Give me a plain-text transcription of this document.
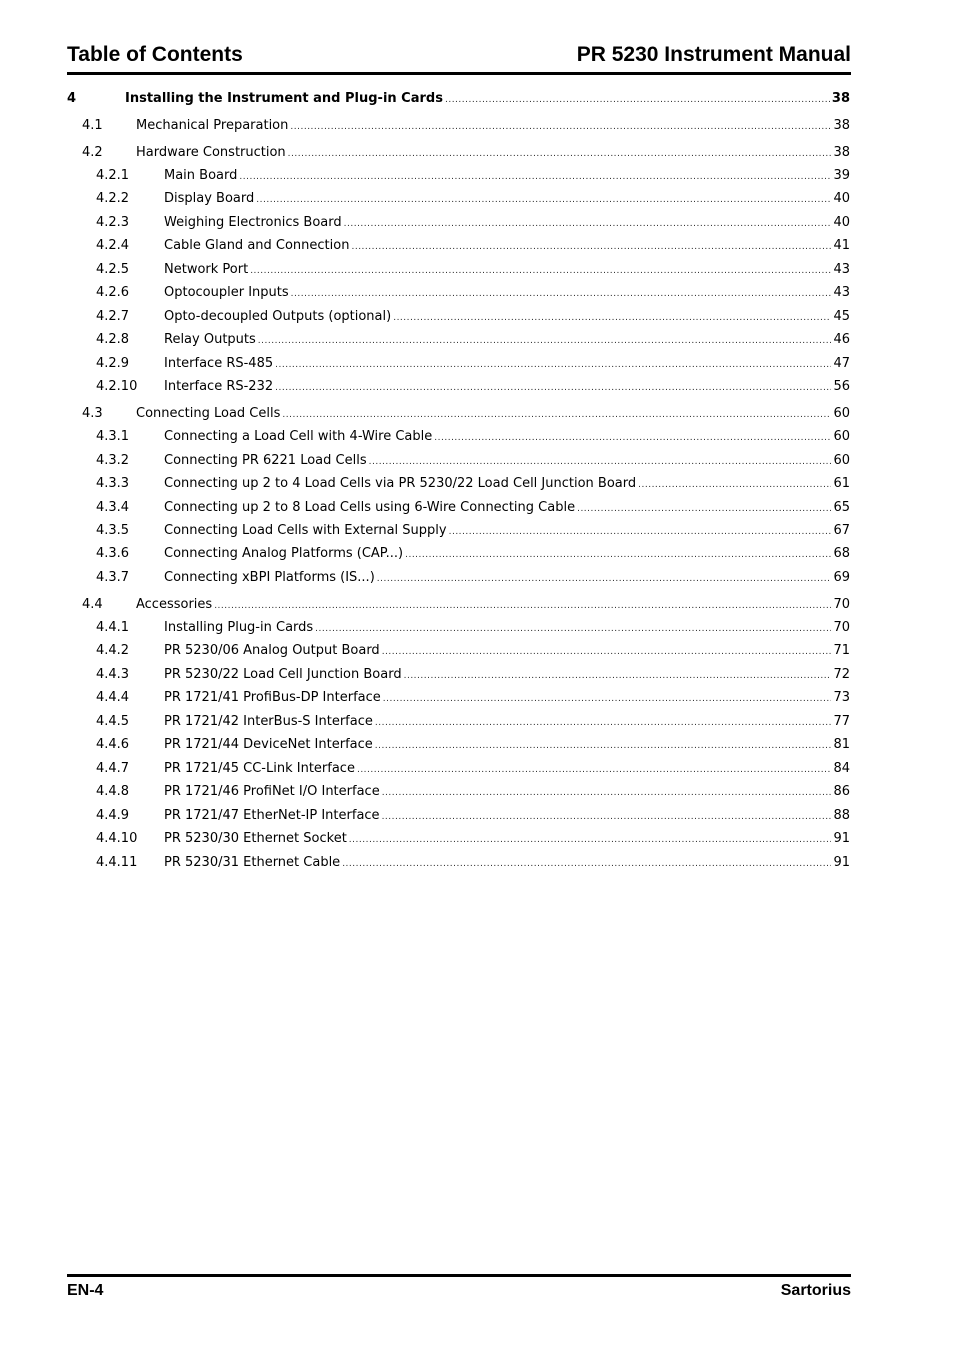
Table of Contents	PR 5230 Instrument Manual
4	Installing the Instrument and Plug-in Cards .....	38
4.1	Mechanical Preparation .....	38
4.2	Hardware Construction .....	38
4.2.1	Main Board .....	39
4.2.2	Display Board .....	40
4.2.3	Weighing Electronics Board .....	40
4.2.4	Cable Gland and Connection .....	41
4.2.5	Network Port .....	43
4.2.6	Optocoupler Inputs .....	43
4.2.7	Opto-decoupled Outputs (optional) .....	45
4.2.8	Relay Outputs .....	46
4.2.9	Interface RS-485 .....	47
4.2.10	Interface RS-232 .....	56
4.3	Connecting Load Cells .....	60
4.3.1	Connecting a Load Cell with 4-Wire Cable .....	60
4.3.2	Connecting PR 6221 Load Cells .....	60
4.3.3	Connecting up 2 to 4 Load Cells via PR 5230/22 Load Cell Junction Board .....	61
4.3.4	Connecting up 2 to 8 Load Cells using 6-Wire Connecting Cable .....	65
4.3.5	Connecting Load Cells with External Supply .....	67
4.3.6	Connecting Analog Platforms (CAP...) .....	68
4.3.7	Connecting xBPI Platforms (IS...) .....	69
4.4	Accessories .....	70
4.4.1	Installing Plug-in Cards .....	70
4.4.2	PR 5230/06 Analog Output Board .....	71
4.4.3	PR 5230/22 Load Cell Junction Board .....	72
4.4.4	PR 1721/41 ProfiBus-DP Interface .....	73
4.4.5	PR 1721/42 InterBus-S Interface .....	77
4.4.6	PR 1721/44 DeviceNet Interface .....	81
4.4.7	PR 1721/45 CC-Link Interface .....	84
4.4.8	PR 1721/46 ProfiNet I/O Interface .....	86
4.4.9	PR 1721/47 EtherNet-IP Interface .....	88
4.4.10	PR 5230/30 Ethernet Socket .....	91
4.4.11	PR 5230/31 Ethernet Cable .....	91
EN-4	Sartorius
